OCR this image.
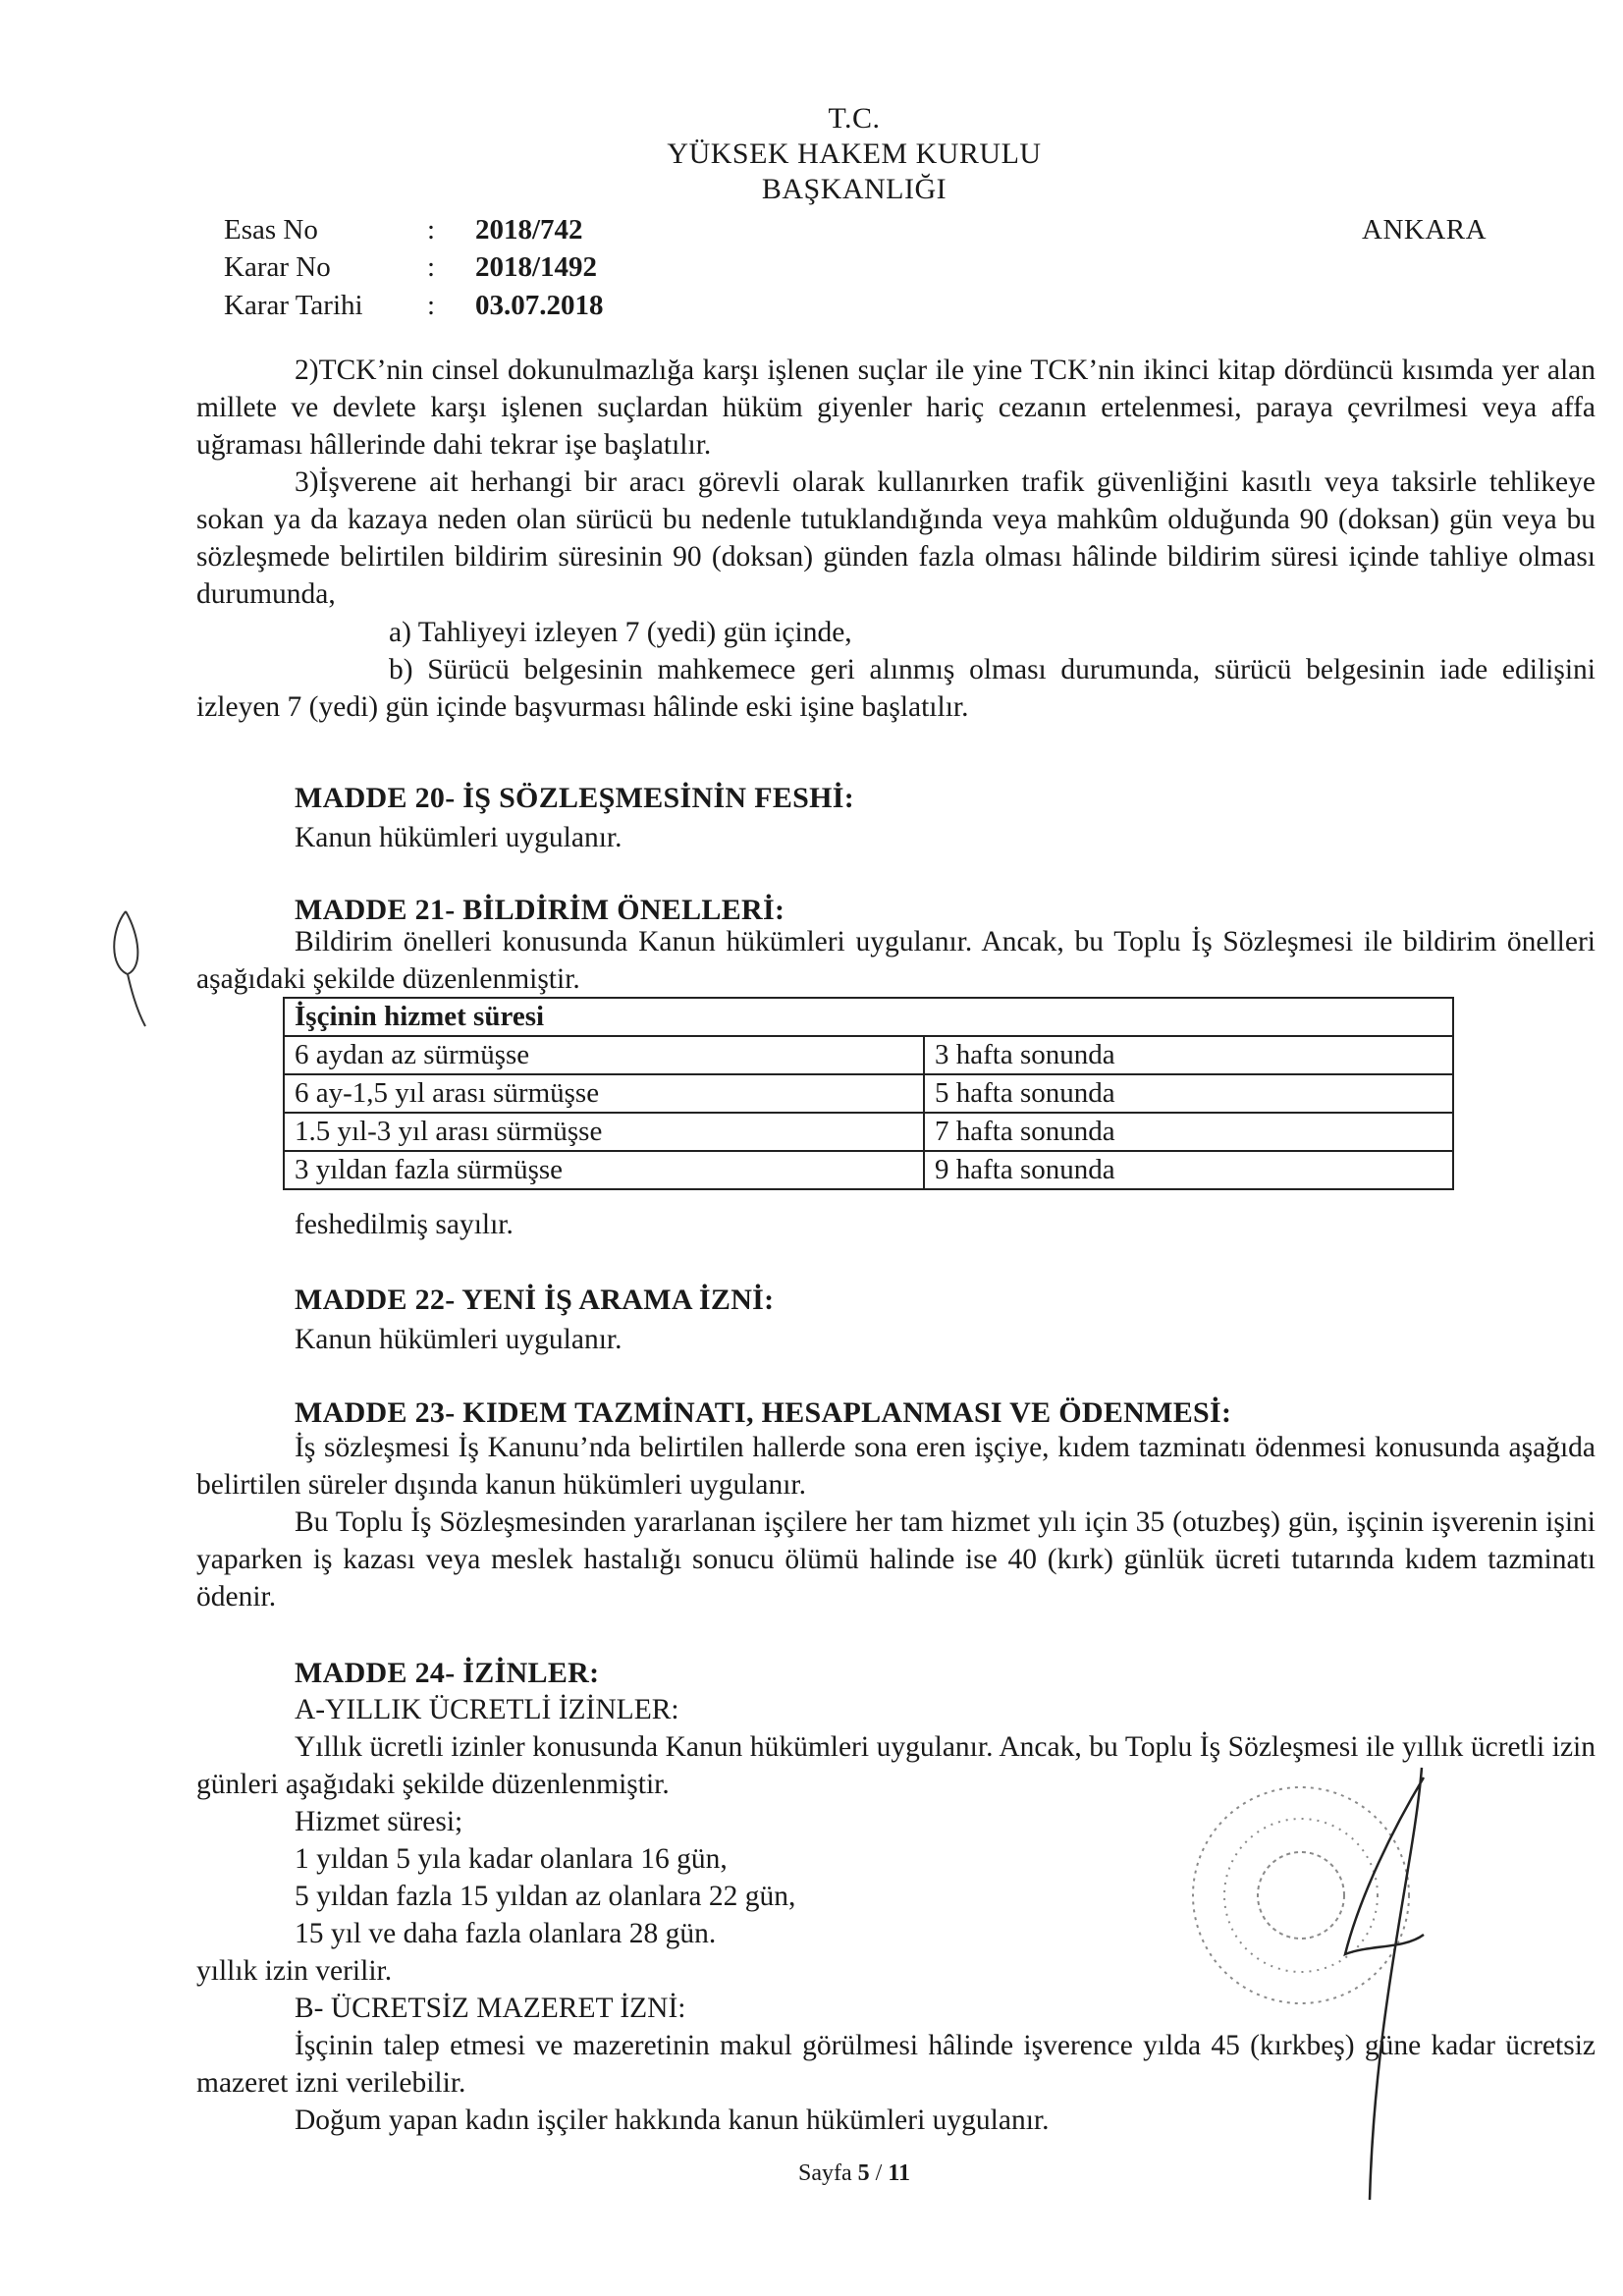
T.C.
YÜKSEK HAKEM KURULU
BAŞKANLIĞI
ANKARA
Esas No	: 2018/742
Karar No	: 2018/1492
Karar Tarihi : 03.07.2018
2)TCK’nin cinsel dokunulmazlığa karşı işlenen suçlar ile yine TCK’nin ikinci kitap dördüncü kısımda yer alan millete ve devlete karşı işlenen suçlardan hüküm giyenler hariç cezanın ertelenmesi, paraya çevrilmesi veya affa uğraması hâllerinde dahi tekrar işe başlatılır.
3)İşverene ait herhangi bir aracı görevli olarak kullanırken trafik güvenliğini kasıtlı veya taksirle tehlikeye sokan ya da kazaya neden olan sürücü bu nedenle tutuklandığında veya mahkûm olduğunda 90 (doksan) gün veya bu sözleşmede belirtilen bildirim süresinin 90 (doksan) günden fazla olması hâlinde bildirim süresi içinde tahliye olması durumunda,
a) Tahliyeyi izleyen 7 (yedi) gün içinde,
b) Sürücü belgesinin mahkemece geri alınmış olması durumunda, sürücü belgesinin iade edilişini izleyen 7 (yedi) gün içinde başvurması hâlinde eski işine başlatılır.
MADDE 20- İŞ SÖZLEŞMESİNİN FESHİ:
Kanun hükümleri uygulanır.
MADDE 21- BİLDİRİM ÖNELLERİ:
Bildirim önelleri konusunda Kanun hükümleri uygulanır. Ancak, bu Toplu İş Sözleşmesi ile bildirim önelleri aşağıdaki şekilde düzenlenmiştir.
İşçinin hizmet süresi	
6 aydan az sürmüşse	3 hafta sonunda
6 ay-1,5 yıl arası sürmüşse	5 hafta sonunda
1.5 yıl-3 yıl arası sürmüşse	7 hafta sonunda
3 yıldan fazla sürmüşse	9 hafta sonunda
feshedilmiş sayılır.
MADDE 22- YENİ İŞ ARAMA İZNİ:
Kanun hükümleri uygulanır.
MADDE 23- KIDEM TAZMİNATI, HESAPLANMASI VE ÖDENMESİ:
İş sözleşmesi İş Kanunu’nda belirtilen hallerde sona eren işçiye, kıdem tazminatı ödenmesi konusunda aşağıda belirtilen süreler dışında kanun hükümleri uygulanır.
Bu Toplu İş Sözleşmesinden yararlanan işçilere her tam hizmet yılı için 35 (otuzbeş) gün, işçinin işverenin işini yaparken iş kazası veya meslek hastalığı sonucu ölümü halinde ise 40 (kırk) günlük ücreti tutarında kıdem tazminatı ödenir.
MADDE 24- İZİNLER:
A-YILLIK ÜCRETLİ İZİNLER:
Yıllık ücretli izinler konusunda Kanun hükümleri uygulanır. Ancak, bu Toplu İş Sözleşmesi ile yıllık ücretli izin günleri aşağıdaki şekilde düzenlenmiştir.
Hizmet süresi;
1 yıldan 5 yıla kadar olanlara 16 gün,
5 yıldan fazla 15 yıldan az olanlara 22 gün,
15 yıl ve daha fazla olanlara 28 gün.
yıllık izin verilir.
B- ÜCRETSİZ MAZERET İZNİ:
İşçinin talep etmesi ve mazeretinin makul görülmesi hâlinde işverence yılda 45 (kırkbeş) güne kadar ücretsiz mazeret izni verilebilir.
Doğum yapan kadın işçiler hakkında kanun hükümleri uygulanır.
Sayfa 5 / 11
